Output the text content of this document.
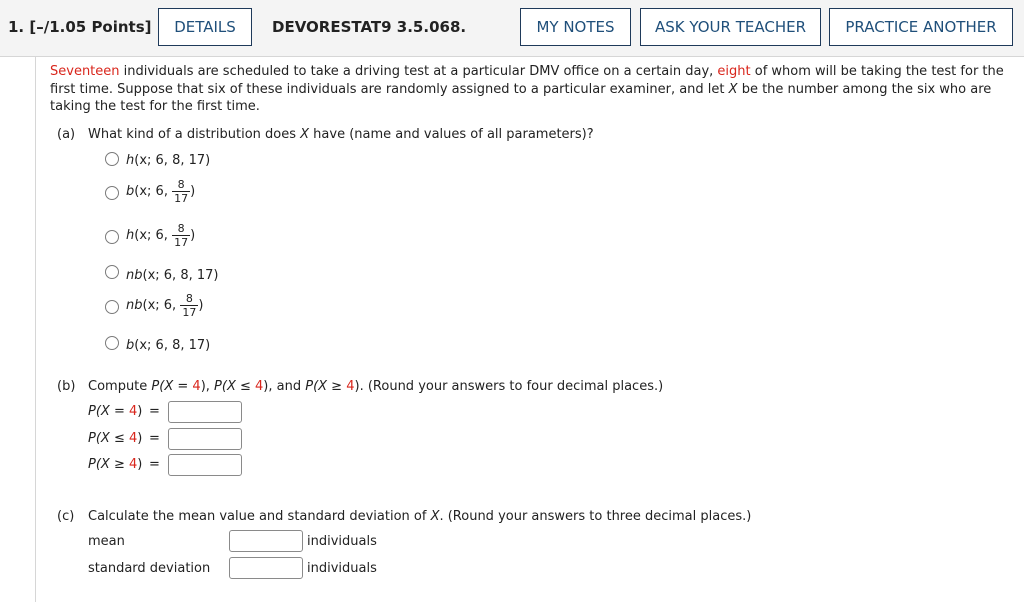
1. [–/1.05 Points]	DETAILS	DEVORESTAT9 3.5.068.	MY NOTES	ASK YOUR TEACHER	PRACTICE ANOTHER
Seventeen individuals are scheduled to take a driving test at a particular DMV office on a certain day, eight of whom will be taking the test for the first time. Suppose that six of these individuals are randomly assigned to a particular examiner, and let X be the number among the six who are taking the test for the first time.
(a) What kind of a distribution does X have (name and values of all parameters)?
h(x; 6, 8, 17)
b(x; 6, $\frac{8}{17}$ )
h(x; 6, $\frac{8}{17}$ )
nb(x; 6, 8, 17)
nb(x; 6, $\frac{8}{17}$ )
b(x; 6, 8, 17)
(b) Compute P(X = 4), P(X ≤ 4), and P(X ≥ 4). (Round your answers to four decimal places.)
P(X = 4) =
P(X ≤ 4) =
P(X ≥ 4) =
(c) Calculate the mean value and standard deviation of X. (Round your answers to three decimal places.)
mean	individuals
standard deviation	individuals
